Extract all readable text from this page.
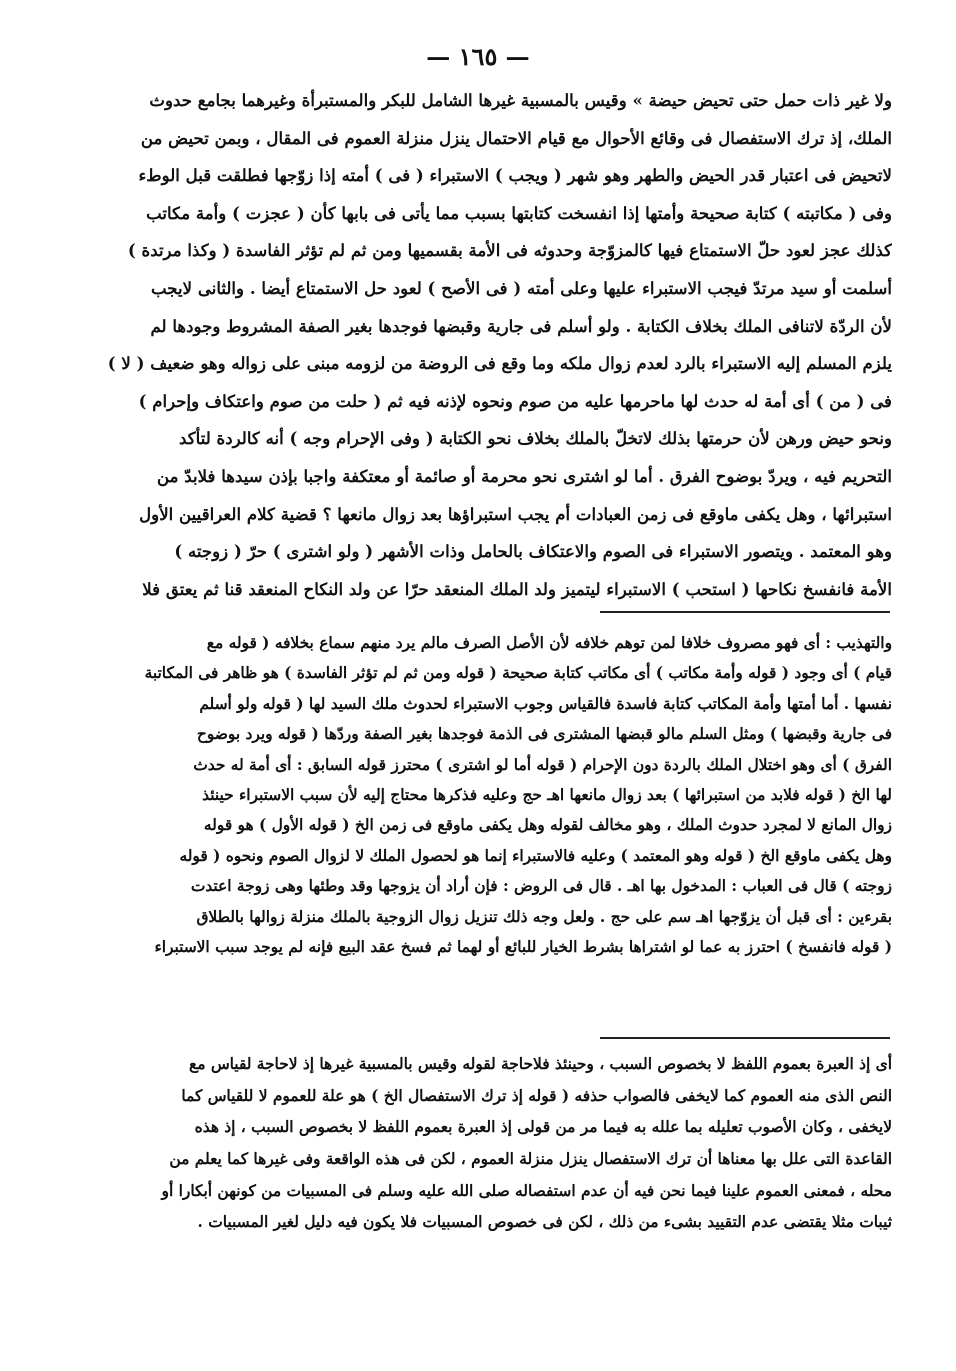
— ١٦٥ —
ولا غير ذات حمل حتى تحيض حيضة » وقيس بالمسبية غيرها الشامل للبكر والمستبرأة وغيرهما بجامع حدوث
الملك، إذ ترك الاستفصال فى وقائع الأحوال مع قيام الاحتمال ينزل منزلة العموم فى المقال ، وبمن تحيض من
لاتحيض فى اعتبار قدر الحيض والطهر وهو شهر ( ويجب ) الاستبراء ( فى ) أمته إذا زوّجها فطلقت قبل الوطء
وفى ( مكاتبته ) كتابة صحيحة وأمتها إذا انفسخت كتابتها بسبب مما يأتى فى بابها كأن ( عجزت ) وأمة مكاتب
كذلك عجز لعود حلّ الاستمتاع فيها كالمزوّجة وحدوثه فى الأمة بقسميها ومن ثم لم تؤثر الفاسدة ( وكذا مرتدة )
أسلمت أو سيد مرتدّ فيجب الاستبراء عليها وعلى أمته ( فى الأصح ) لعود حل الاستمتاع أيضا . والثانى لايجب
لأن الردّة لاتنافى الملك بخلاف الكتابة . ولو أسلم فى جارية وقبضها فوجدها بغير الصفة المشروط وجودها لم
يلزم المسلم إليه الاستبراء بالرد لعدم زوال ملكه وما وقع فى الروضة من لزومه مبنى على زواله وهو ضعيف ( لا )
فى ( من ) أى أمة له حدث لها ماحرمها عليه من صوم ونحوه لإذنه فيه ثم ( حلت من صوم واعتكاف وإحرام )
ونحو حيض ورهن لأن حرمتها بذلك لاتخلّ بالملك بخلاف نحو الكتابة ( وفى الإحرام وجه ) أنه كالردة لتأكد
التحريم فيه ، ويردّ بوضوح الفرق . أما لو اشترى نحو محرمة أو صائمة أو معتكفة واجبا بإذن سيدها فلابدّ من
استبرائها ، وهل يكفى ماوقع فى زمن العبادات أم يجب استبراؤها بعد زوال مانعها ؟ قضية كلام العراقيين الأول
وهو المعتمد . ويتصور الاستبراء فى الصوم والاعتكاف بالحامل وذات الأشهر ( ولو اشترى ) حرّ ( زوجته )
الأمة فانفسخ نكاحها ( استحب ) الاستبراء ليتميز ولد الملك المنعقد حرّا عن ولد النكاح المنعقد قنا ثم يعتق فلا
والتهذيب : أى فهو مصروف خلافا لمن توهم خلافه لأن الأصل الصرف مالم يرد منهم سماع بخلافه ( قوله مع
قيام ) أى وجود ( قوله وأمة مكاتب ) أى مكاتب كتابة صحيحة ( قوله ومن ثم لم تؤثر الفاسدة ) هو ظاهر فى المكاتبة
نفسها . أما أمتها وأمة المكاتب كتابة فاسدة فالقياس وجوب الاستبراء لحدوث ملك السيد لها ( قوله ولو أسلم
فى جارية وقبضها ) ومثل السلم مالو قبضها المشترى فى الذمة فوجدها بغير الصفة وردّها ( قوله ويرد بوضوح
الفرق ) أى وهو اختلال الملك بالردة دون الإحرام ( قوله أما لو اشترى ) محترز قوله السابق : أى أمة له حدث
لها الخ ( قوله فلابد من استبرائها ) بعد زوال مانعها اهـ حج وعليه فذكرها محتاج إليه لأن سبب الاستبراء حينئذ
زوال المانع لا لمجرد حدوث الملك ، وهو مخالف لقوله وهل يكفى ماوقع فى زمن الخ ( قوله الأول ) هو قوله
وهل يكفى ماوقع الخ ( قوله وهو المعتمد ) وعليه فالاستبراء إنما هو لحصول الملك لا لزوال الصوم ونحوه ( قوله
زوجته ) قال فى العباب : المدخول بها اهـ . قال فى الروض : فإن أراد أن يزوجها وقد وطئها وهى زوجة اعتدت
بقرءين : أى قبل أن يزوّجها اهـ سم على حج . ولعل وجه ذلك تنزيل زوال الزوجية بالملك منزلة زوالها بالطلاق
( قوله فانفسخ ) احترز به عما لو اشتراها بشرط الخيار للبائع أو لهما ثم فسخ عقد البيع فإنه لم يوجد سبب الاستبراء
أى إذ العبرة بعموم اللفظ لا بخصوص السبب ، وحينئذ فلاحاجة لقوله وقيس بالمسبية غيرها إذ لاحاجة لقياس مع
النص الذى منه العموم كما لايخفى فالصواب حذفه ( قوله إذ ترك الاستفصال الخ ) هو علة للعموم لا للقياس كما
لايخفى ، وكان الأصوب تعليله بما علله به فيما مر من قولى إذ العبرة بعموم اللفظ لا بخصوص السبب ، إذ هذه
القاعدة التى علل بها معناها أن ترك الاستفصال ينزل منزلة العموم ، لكن فى هذه الواقعة وفى غيرها كما يعلم من
محله ، فمعنى العموم علينا فيما نحن فيه أن عدم استفصاله صلى الله عليه وسلم فى المسبيات من كونهن أبكارا أو
ثيبات مثلا يقتضى عدم التقييد بشىء من ذلك ، لكن فى خصوص المسبيات فلا يكون فيه دليل لغير المسبيات .
